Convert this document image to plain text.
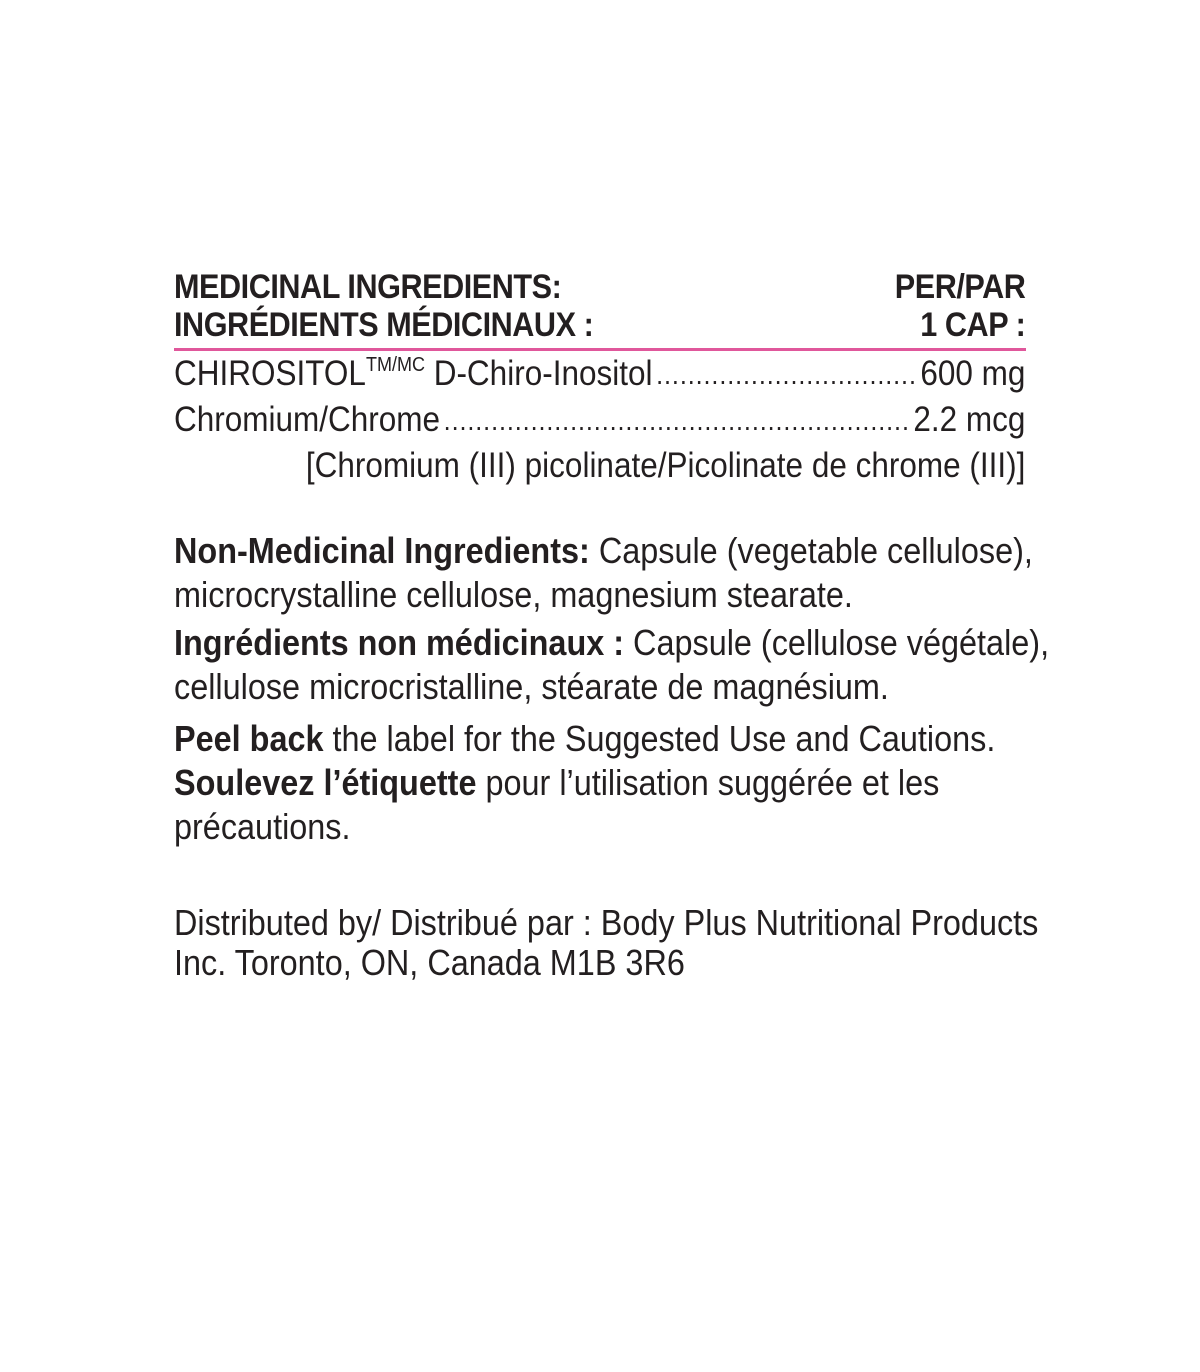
MEDICINAL INGREDIENTS:
INGRÉDIENTS MÉDICINAUX :
PER/PAR
1 CAP :
$CHIROSITOL^{TM/MC}$ D-Chiro-Inositol .....	600 mg
Chromium/Chrome .....	2.2 mcg
[Chromium (III) picolinate/Picolinate de chrome (III)]
Non-Medicinal Ingredients: Capsule (vegetable cellulose), microcrystalline cellulose, magnesium stearate.
Ingrédients non médicinaux : Capsule (cellulose végétale), cellulose microcristalline, stéarate de magnésium.
Peel back the label for the Suggested Use and Cautions.
Soulevez l’étiquette pour l’utilisation suggérée et les précautions.
Distributed by/ Distribué par : Body Plus Nutritional Products Inc. Toronto, ON, Canada M1B 3R6
